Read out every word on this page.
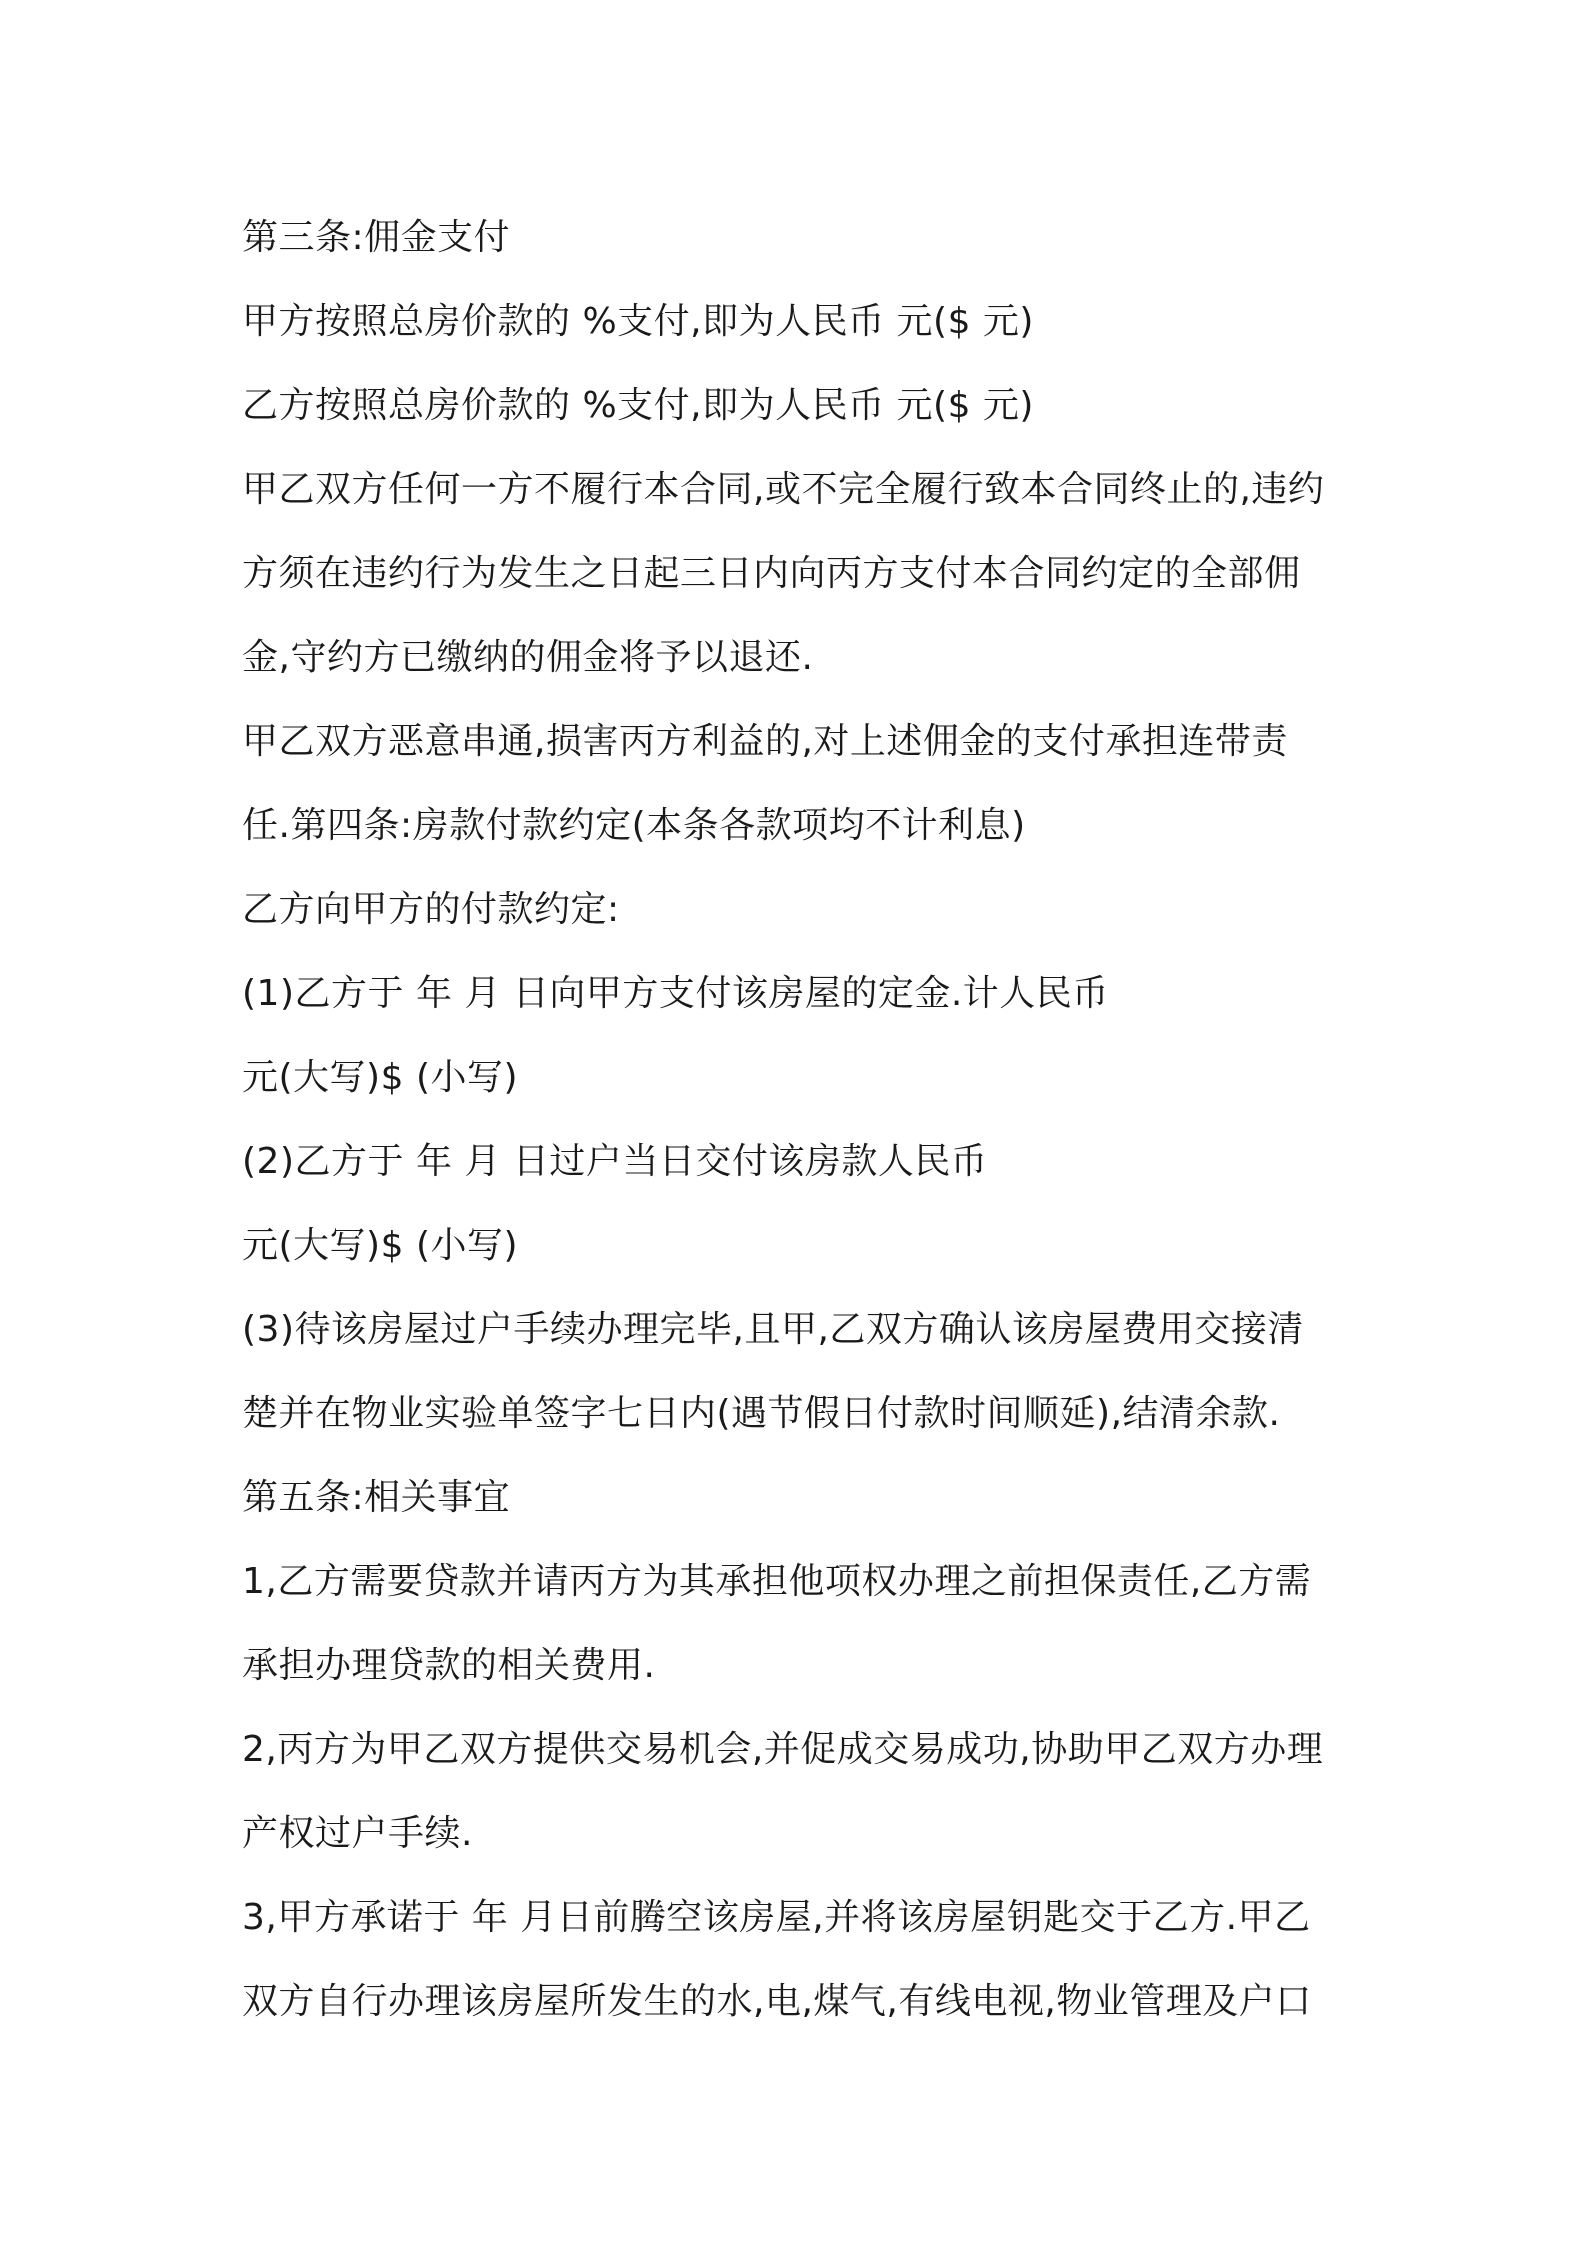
第三条:佣金支付
甲方按照总房价款的 %支付,即为人民币 元($ 元)
乙方按照总房价款的 %支付,即为人民币 元($ 元)
甲乙双方任何一方不履行本合同,或不完全履行致本合同终止的,违约
方须在违约行为发生之日起三日内向丙方支付本合同约定的全部佣
金,守约方已缴纳的佣金将予以退还.
甲乙双方恶意串通,损害丙方利益的,对上述佣金的支付承担连带责
任.第四条:房款付款约定(本条各款项均不计利息)
乙方向甲方的付款约定:
(1)乙方于 年 月 日向甲方支付该房屋的定金.计人民币
元(大写)$ (小写)
(2)乙方于 年 月 日过户当日交付该房款人民币
元(大写)$ (小写)
(3)待该房屋过户手续办理完毕,且甲,乙双方确认该房屋费用交接清
楚并在物业实验单签字七日内(遇节假日付款时间顺延),结清余款.
第五条:相关事宜
1,乙方需要贷款并请丙方为其承担他项权办理之前担保责任,乙方需
承担办理贷款的相关费用.
2,丙方为甲乙双方提供交易机会,并促成交易成功,协助甲乙双方办理
产权过户手续.
3,甲方承诺于 年 月日前腾空该房屋,并将该房屋钥匙交于乙方.甲乙
双方自行办理该房屋所发生的水,电,煤气,有线电视,物业管理及户口
